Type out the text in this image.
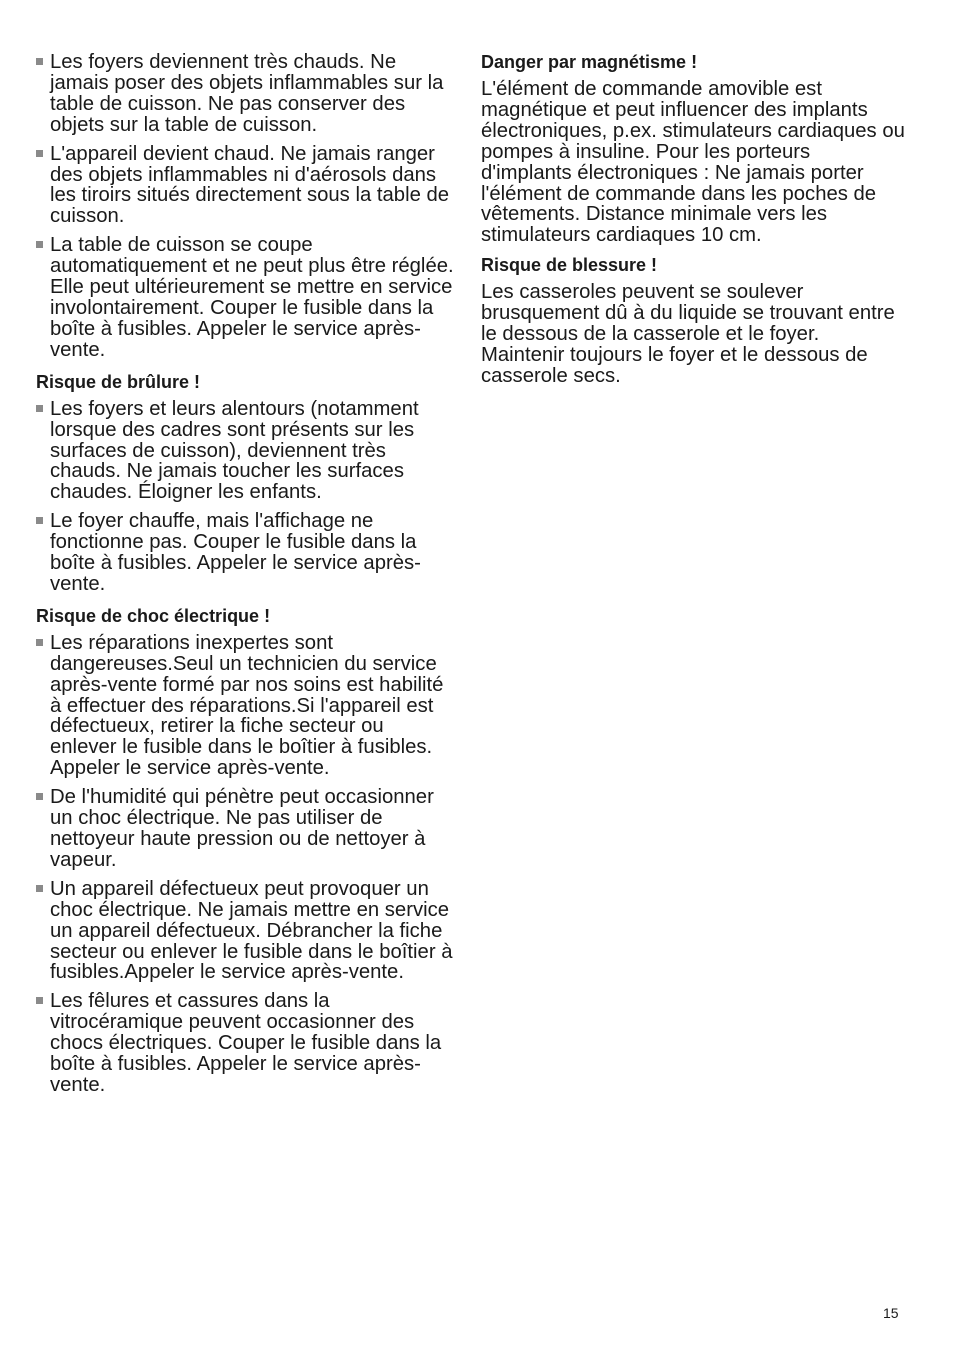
Les foyers deviennent très chauds. Ne jamais poser des objets inflammables sur la table de cuisson. Ne pas conserver des objets sur la table de cuisson.
L'appareil devient chaud. Ne jamais ranger des objets inflammables ni d'aérosols dans les tiroirs situés directement sous la table de cuisson.
La table de cuisson se coupe automatiquement et ne peut plus être réglée. Elle peut ultérieurement se mettre en service involontairement. Couper le fusible dans la boîte à fusibles. Appeler le service après-vente.
Risque de brûlure !
Les foyers et leurs alentours (notamment lorsque des cadres sont présents sur les surfaces de cuisson), deviennent très chauds. Ne jamais toucher les surfaces chaudes. Éloigner les enfants.
Le foyer chauffe, mais l'affichage ne fonctionne pas. Couper le fusible dans la boîte à fusibles. Appeler le service après-vente.
Risque de choc électrique !
Les réparations inexpertes sont dangereuses.Seul un technicien du service après-vente formé par nos soins est habilité à effectuer des réparations.Si l'appareil est défectueux, retirer la fiche secteur ou enlever le fusible dans le boîtier à fusibles. Appeler le service après-vente.
De l'humidité qui pénètre peut occasionner un choc électrique. Ne pas utiliser de nettoyeur haute pression ou de nettoyer à vapeur.
Un appareil défectueux peut provoquer un choc électrique. Ne jamais mettre en service un appareil défectueux. Débrancher la fiche secteur ou enlever le fusible dans le boîtier à fusibles.Appeler le service après-vente.
Les fêlures et cassures dans la vitrocéramique peuvent occasionner des chocs électriques. Couper le fusible dans la boîte à fusibles. Appeler le service après-vente.
Danger par magnétisme !

L'élément de commande amovible est magnétique et peut influencer des implants électroniques, p.ex. stimulateurs cardiaques ou pompes à insuline. Pour les porteurs d'implants électroniques : Ne jamais porter l'élément de commande dans les poches de vêtements. Distance minimale vers les stimulateurs cardiaques 10 cm.

Risque de blessure !

Les casseroles peuvent se soulever brusquement dû à du liquide se trouvant entre le dessous de la casserole et le foyer. Maintenir toujours le foyer et le dessous de casserole secs.

15
